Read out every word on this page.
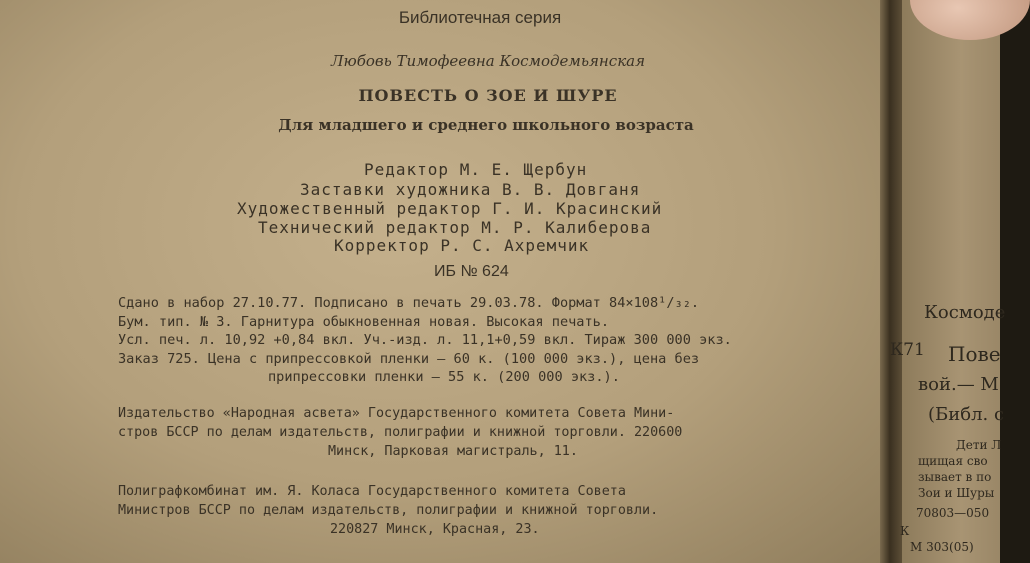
Библиотечная серия
Любовь Тимофеевна Космодемьянская
ПОВЕСТЬ О ЗОЕ И ШУРЕ
Для младшего и среднего школьного возраста
Редактор М. Е. Щербун
Заставки художника В. В. Довганя
Художественный редактор Г. И. Красинский
Технический редактор М. Р. Калиберова
Корректор Р. С. Ахремчик
ИБ № 624
Сдано в набор 27.10.77. Подписано в печать 29.03.78. Формат 84×108¹/₃₂.
Бум. тип. № 3. Гарнитура обыкновенная новая. Высокая печать.
Усл. печ. л. 10,92 +0,84 вкл. Уч.-изд. л. 11,1+0,59 вкл. Тираж 300 000 экз.
Заказ 725. Цена с припрессовкой пленки — 60 к. (100 000 экз.), цена без
припрессовки пленки — 55 к. (200 000 экз.).
Издательство «Народная асвета» Государственного комитета Совета Мини-
стров БССР по делам издательств, полиграфии и книжной торговли. 220600
Минск, Парковая магистраль, 11.
Полиграфкомбинат им. Я. Коласа Государственного комитета Совета
Министров БССР по делам издательств, полиграфии и книжной торговли.
220827 Минск, Красная, 23.
Космоде
К71 Пове
вой.— М
(Библ. с
Дети Л
щищая сво
зывает в по
Зои и Шуры
70803—050
К
М 303(05)
